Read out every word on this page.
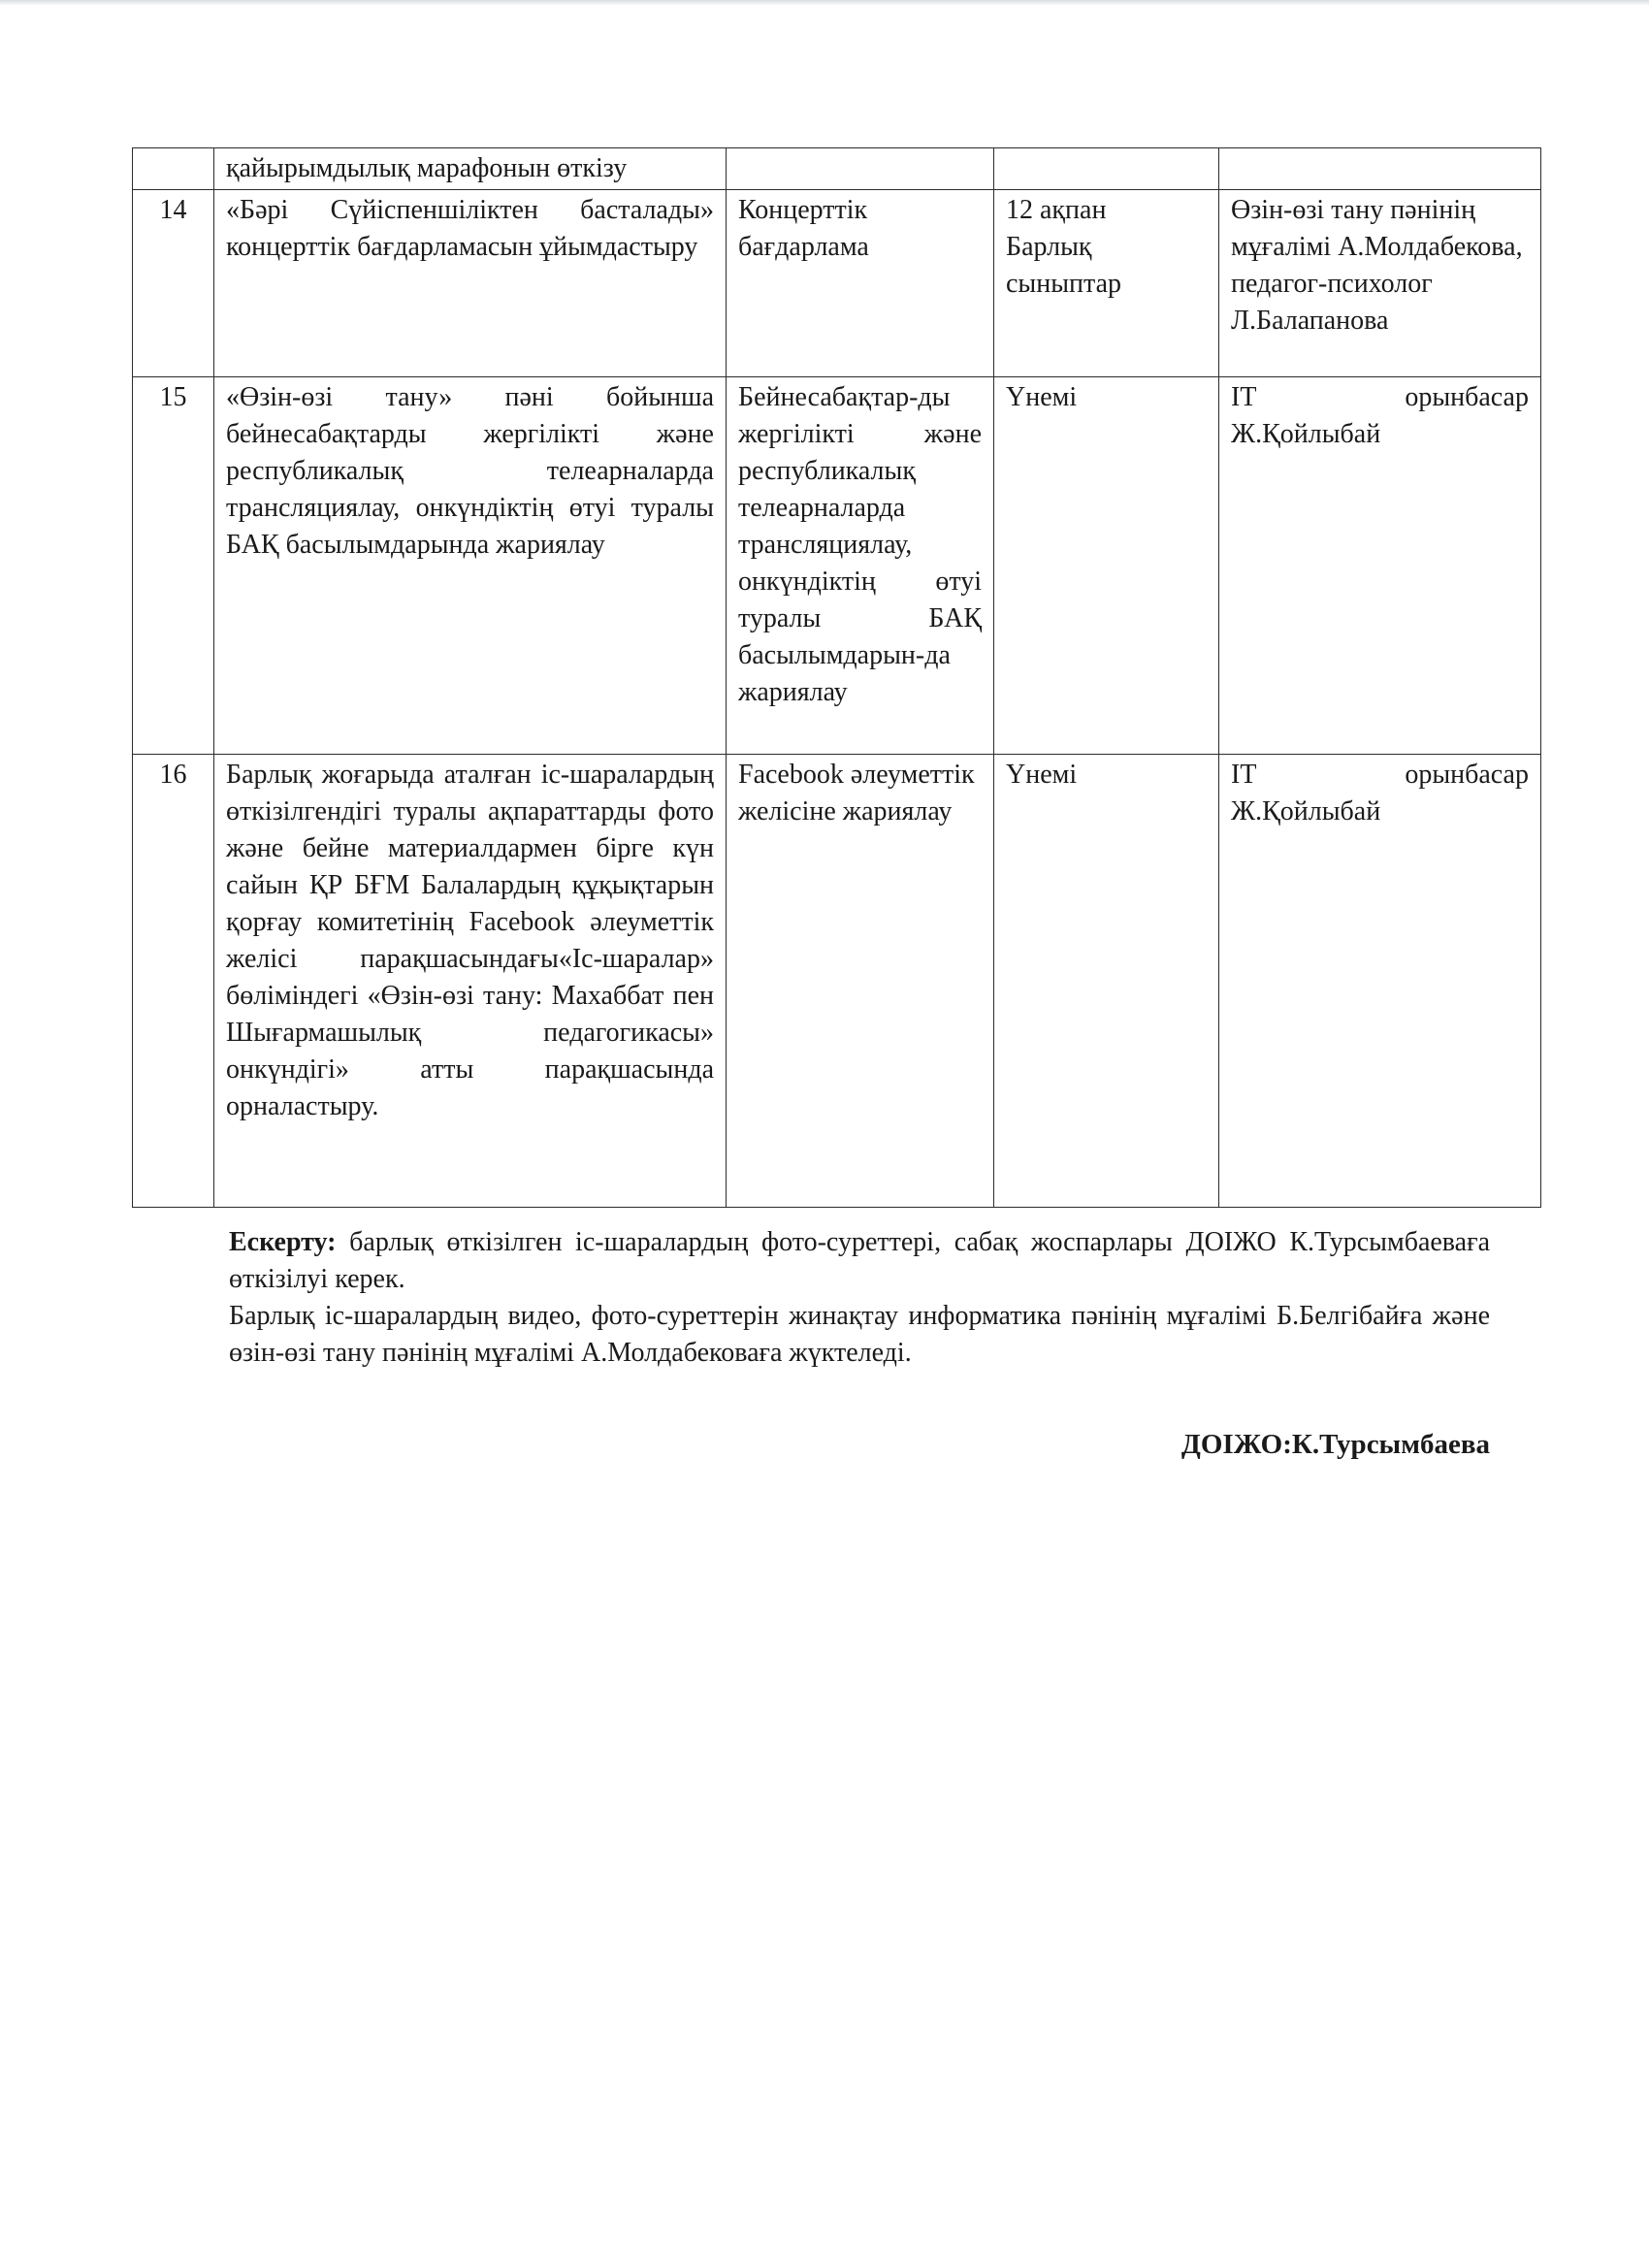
	қайырымдылық марафонын өткізу			
14	«Бәрі Сүйіспеншіліктен басталады» концерттік бағдарламасын ұйымдастыру	Концерттік бағдарлама	12 ақпан Барлық сыныптар	Өзін-өзі тану пәнінің мұғалімі А.Молдабекова, педагог-психолог Л.Балапанова
15	«Өзін-өзі тану» пәні бойынша бейнесабақтарды жергілікті және республикалық телеарналарда трансляциялау, онкүндіктің өтуі туралы БАҚ басылымдарында жариялау	Бейнесабақтар-ды жергілікті және республикалық телеарналарда трансляциялау, онкүндіктің өтуі туралы БАҚ басылымдарын-да жариялау	Үнемі	ІТ орынбасар Ж.Қойлыбай
16	Барлық жоғарыда аталған іс-шаралардың өткізілгендігі туралы ақпараттарды фото және бейне материалдармен бірге күн сайын ҚР БҒМ Балалардың құқықтарын қорғау комитетінің Facebook әлеуметтік желісі парақшасындағы«Іс-шаралар» бөліміндегі «Өзін-өзі тану: Махаббат пен Шығармашылық педагогикасы» онкүндігі» атты парақшасында орналастыру.	Facebook әлеуметтік желісіне жариялау	Үнемі	ІТ орынбасар Ж.Қойлыбай

Ескерту: барлық өткізілген іс-шаралардың фото-суреттері, сабақ жоспарлары ДОІЖО К.Турсымбаеваға өткізілуі керек.

Барлық іс-шаралардың видео, фото-суреттерін жинақтау информатика пәнінің мұғалімі Б.Белгібайға және өзін-өзі тану пәнінің мұғалімі А.Молдабековаға жүктеледі.

ДОІЖО:К.Турсымбаева
